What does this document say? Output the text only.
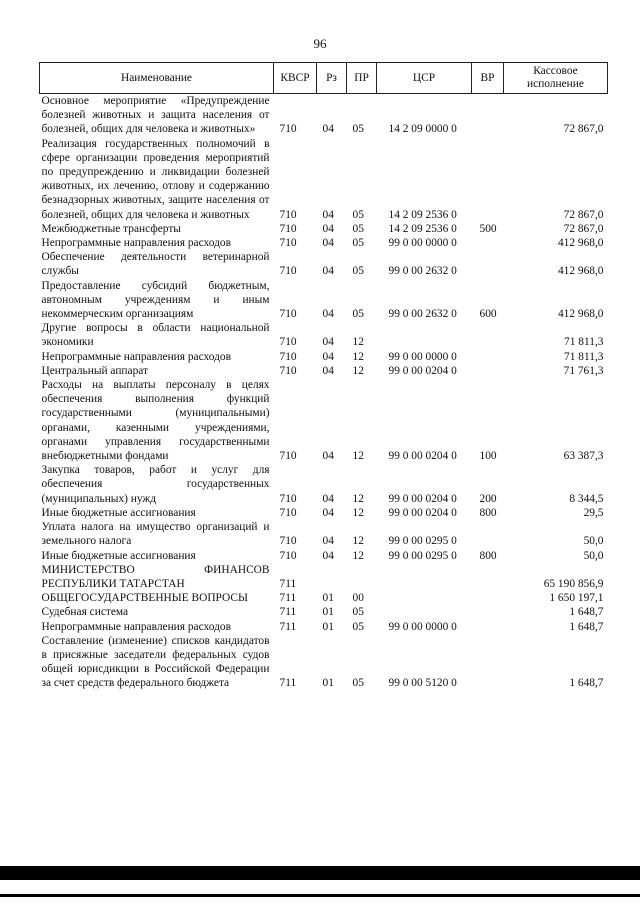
96
Наименование	КВСР	Рз	ПР	ЦСР	ВР	Кассовое исполнение
Основное мероприятие «Предупреждение болезней животных и защита населения от болезней, общих для человека и животных»	710	04	05	14 2 09 0000 0		72 867,0
Реализация государственных полномочий в сфере организации проведения мероприятий по предупреждению и ликвидации болезней животных, их лечению, отлову и содержанию безнадзорных животных, защите населения от болезней, общих для человека и животных	710	04	05	14 2 09 2536 0		72 867,0
Межбюджетные трансферты	710	04	05	14 2 09 2536 0	500	72 867,0
Непрограммные направления расходов	710	04	05	99 0 00 0000 0		412 968,0
Обеспечение деятельности ветеринарной службы	710	04	05	99 0 00 2632 0		412 968,0
Предоставление субсидий бюджетным, автономным учреждениям и иным некоммерческим организациям	710	04	05	99 0 00 2632 0	600	412 968,0
Другие вопросы в области национальной экономики	710	04	12			71 811,3
Непрограммные направления расходов	710	04	12	99 0 00 0000 0		71 811,3
Центральный аппарат	710	04	12	99 0 00 0204 0		71 761,3
Расходы на выплаты персоналу в целях обеспечения выполнения функций государственными (муниципальными) органами, казенными учреждениями, органами управления государственными внебюджетными фондами	710	04	12	99 0 00 0204 0	100	63 387,3
Закупка товаров, работ и услуг для обеспечения государственных (муниципальных) нужд	710	04	12	99 0 00 0204 0	200	8 344,5
Иные бюджетные ассигнования	710	04	12	99 0 00 0204 0	800	29,5
Уплата налога на имущество организаций и земельного налога	710	04	12	99 0 00 0295 0		50,0
Иные бюджетные ассигнования	710	04	12	99 0 00 0295 0	800	50,0
МИНИСТЕРСТВО ФИНАНСОВ РЕСПУБЛИКИ ТАТАРСТАН	711					65 190 856,9
ОБЩЕГОСУДАРСТВЕННЫЕ ВОПРОСЫ	711	01	00			1 650 197,1
Судебная система	711	01	05			1 648,7
Непрограммные направления расходов	711	01	05	99 0 00 0000 0		1 648,7
Составление (изменение) списков кандидатов в присяжные заседатели федеральных судов общей юрисдикции в Российской Федерации за счет средств федерального бюджета	711	01	05	99 0 00 5120 0		1 648,7
